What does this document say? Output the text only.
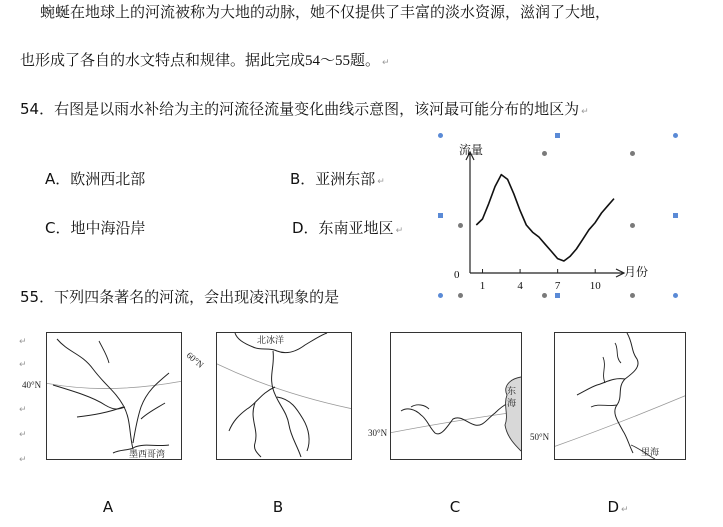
蜿蜒在地球上的河流被称为大地的动脉，她不仅提供了丰富的淡水资源，滋润了大地，
也形成了各自的水文特点和规律。据此完成54～55题。 ↵
54．右图是以雨水补给为主的河流径流量变化曲线示意图，该河最可能分布的地区为 ↵
A．欧洲西北部	B．亚洲东部 ↵
C．地中海沿岸	D．东南亚地区 ↵
1	4	7	10
流量
月份
0
55．下列四条著名的河流，会出现凌汛现象的是
↵
↵
↵
↵
↵
墨西哥湾
40°N
A
北冰洋
60°N
B
东
海
30°N
C
里海
50°N
D ↵
